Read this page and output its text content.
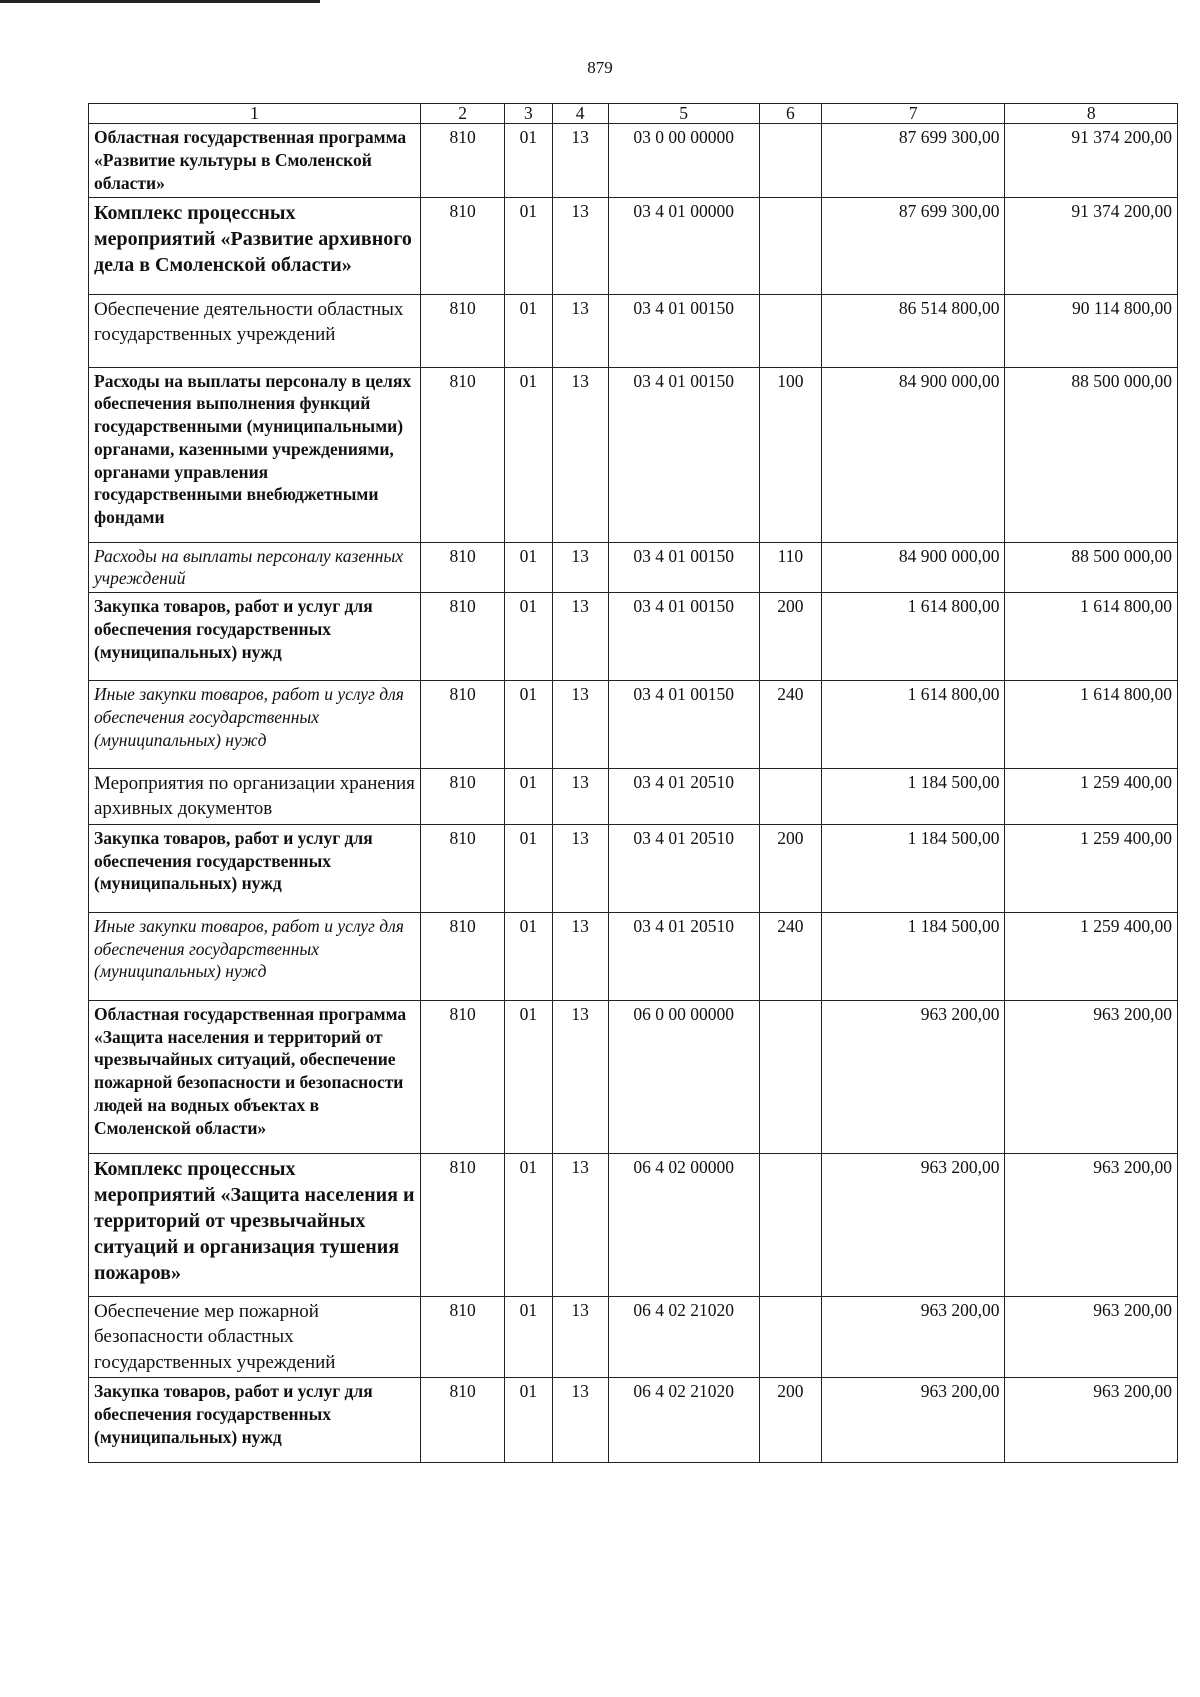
879
1	2	3	4	5	6	7	8
Областная государственная программа «Развитие культуры в Смоленской области»	810	01	13	03 0 00 00000		87 699 300,00	91 374 200,00
Комплекс процессных мероприятий «Развитие архивного дела в Смоленской области»	810	01	13	03 4 01 00000		87 699 300,00	91 374 200,00
Обеспечение деятельности областных государственных учреждений	810	01	13	03 4 01 00150		86 514 800,00	90 114 800,00
Расходы на выплаты персоналу в целях обеспечения выполнения функций государственными (муниципальными) органами, казенными учреждениями, органами управления государственными внебюджетными фондами	810	01	13	03 4 01 00150	100	84 900 000,00	88 500 000,00
Расходы на выплаты персоналу казенных учреждений	810	01	13	03 4 01 00150	110	84 900 000,00	88 500 000,00
Закупка товаров, работ и услуг для обеспечения государственных (муниципальных) нужд	810	01	13	03 4 01 00150	200	1 614 800,00	1 614 800,00
Иные закупки товаров, работ и услуг для обеспечения государственных (муниципальных) нужд	810	01	13	03 4 01 00150	240	1 614 800,00	1 614 800,00
Мероприятия по организации хранения архивных документов	810	01	13	03 4 01 20510		1 184 500,00	1 259 400,00
Закупка товаров, работ и услуг для обеспечения государственных (муниципальных) нужд	810	01	13	03 4 01 20510	200	1 184 500,00	1 259 400,00
Иные закупки товаров, работ и услуг для обеспечения государственных (муниципальных) нужд	810	01	13	03 4 01 20510	240	1 184 500,00	1 259 400,00
Областная государственная программа «Защита населения и территорий от чрезвычайных ситуаций, обеспечение пожарной безопасности и безопасности людей на водных объектах в Смоленской области»	810	01	13	06 0 00 00000		963 200,00	963 200,00
Комплекс процессных мероприятий «Защита населения и территорий от чрезвычайных ситуаций и организация тушения пожаров»	810	01	13	06 4 02 00000		963 200,00	963 200,00
Обеспечение мер пожарной безопасности областных государственных учреждений	810	01	13	06 4 02 21020		963 200,00	963 200,00
Закупка товаров, работ и услуг для обеспечения государственных (муниципальных) нужд	810	01	13	06 4 02 21020	200	963 200,00	963 200,00
